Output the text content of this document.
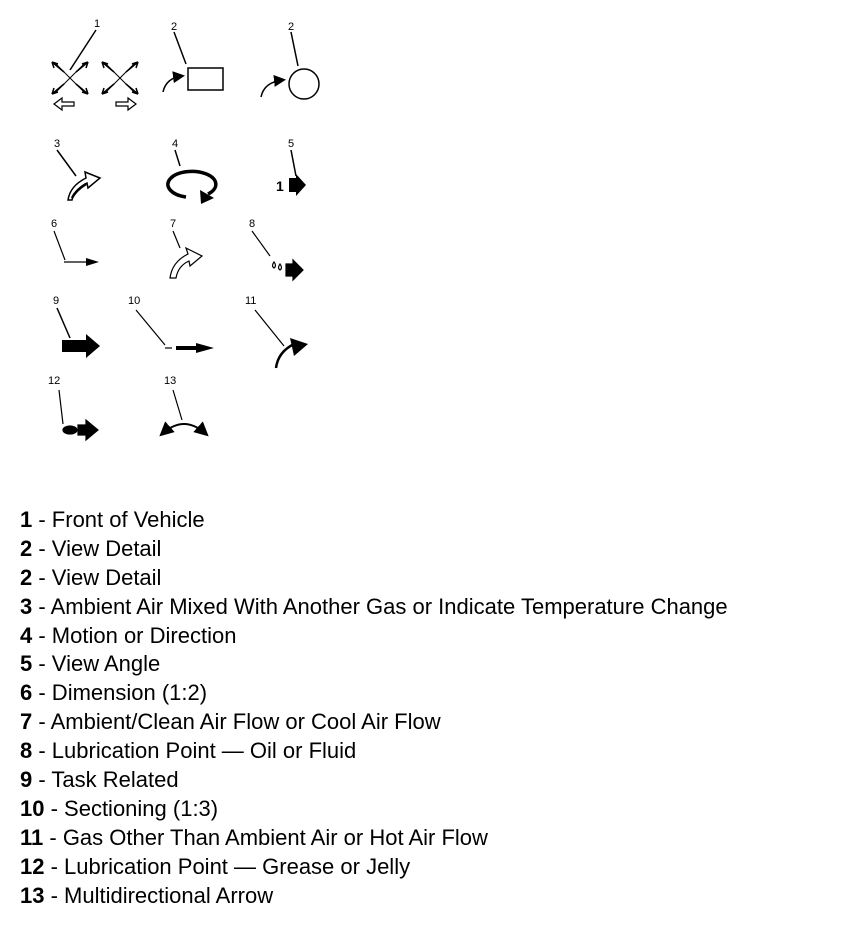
1	2	2
3	4	5
6	7	8
9	10	11
12	13
1
1 - Front of Vehicle
2 - View Detail
2 - View Detail
3 - Ambient Air Mixed With Another Gas or Indicate Temperature Change
4 - Motion or Direction
5 - View Angle
6 - Dimension (1:2)
7 - Ambient/Clean Air Flow or Cool Air Flow
8 - Lubrication Point — Oil or Fluid
9 - Task Related
10 - Sectioning (1:3)
11 - Gas Other Than Ambient Air or Hot Air Flow
12 - Lubrication Point — Grease or Jelly
13 - Multidirectional Arrow
